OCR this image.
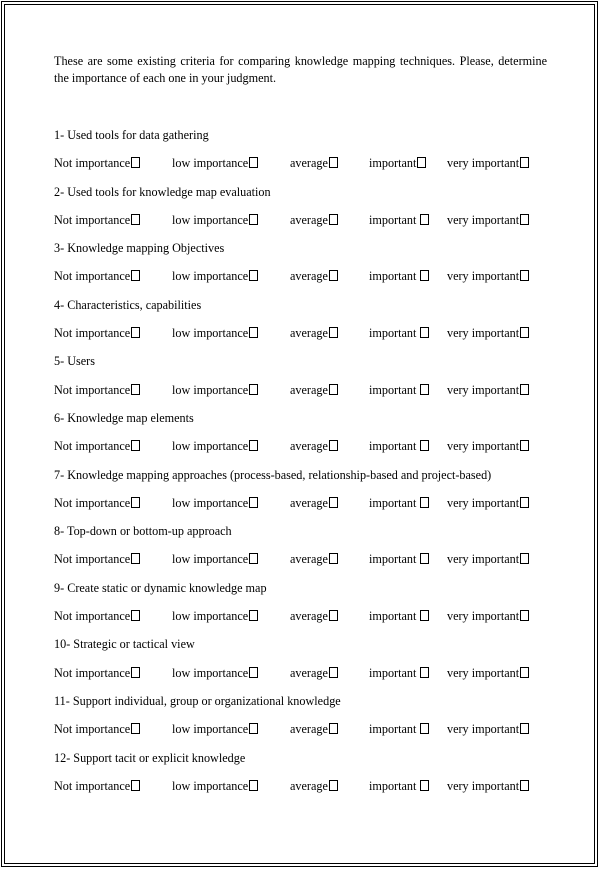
These are some existing criteria for comparing knowledge mapping techniques. Please, determine the importance of each one in your judgment.

1- Used tools for data gathering
Not importance	low importance	average	important	very important
2- Used tools for knowledge map evaluation
Not importance	low importance	average	important	very important
3- Knowledge mapping Objectives
Not importance	low importance	average	important	very important
4- Characteristics, capabilities
Not importance	low importance	average	important	very important
5- Users
Not importance	low importance	average	important	very important
6- Knowledge map elements
Not importance	low importance	average	important	very important
7- Knowledge mapping approaches (process-based, relationship-based and project-based)
Not importance	low importance	average	important	very important
8- Top-down or bottom-up approach
Not importance	low importance	average	important	very important
9- Create static or dynamic knowledge map
Not importance	low importance	average	important	very important
10- Strategic or tactical view
Not importance	low importance	average	important	very important
11- Support individual, group or organizational knowledge
Not importance	low importance	average	important	very important
12- Support tacit or explicit knowledge
Not importance	low importance	average	important	very important
